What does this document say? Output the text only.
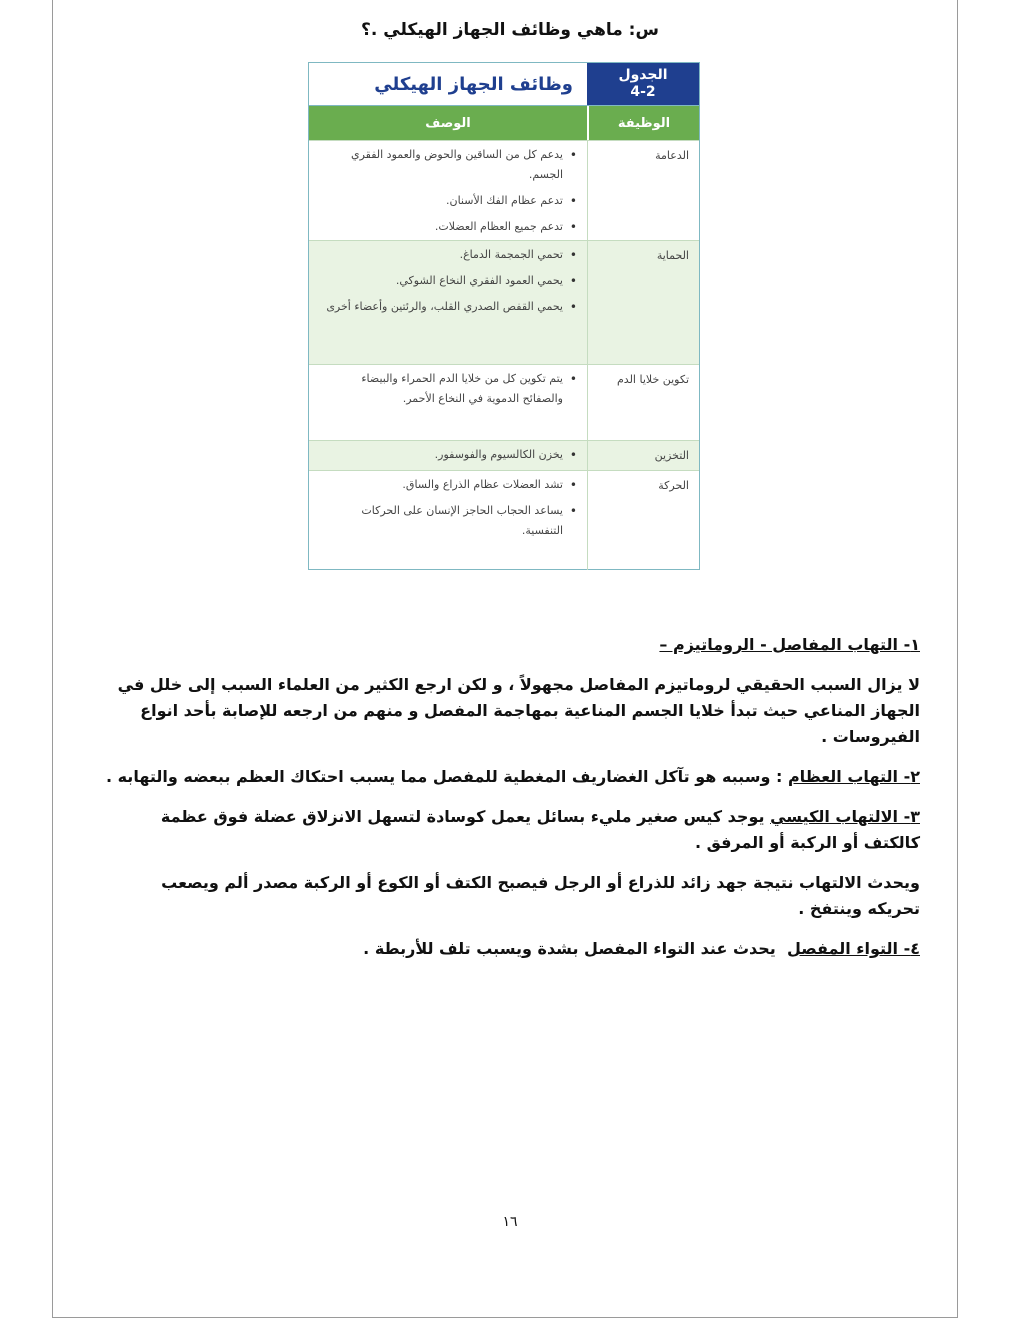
س: ماهي وظائف الجهاز الهيكلي .؟
الجدول
4-2
وظائف الجهاز الهيكلي
الوظيفة
الوصف
الدعامة
• يدعم كل من الساقين والحوض والعمود الفقري الجسم.
• تدعم عظام الفك الأسنان.
• تدعم جميع العظام العضلات.
الحماية
• تحمي الجمجمة الدماغ.
• يحمي العمود الفقري النخاع الشوكي.
• يحمي القفص الصدري القلب، والرئتين وأعضاء أخرى
تكوين خلايا الدم
• يتم تكوين كل من خلايا الدم الحمراء والبيضاء والصفائح الدموية في النخاع الأحمر.
التخزين
• يخزن الكالسيوم والفوسفور.
الحركة
• تشد العضلات عظام الذراع والساق.
• يساعد الحجاب الحاجز الإنسان على الحركات التنفسية.

١- التهاب المفاصل - الروماتيزم –

لا يزال السبب الحقيقي لروماتيزم المفاصل مجهولاً ، و لكن ارجع الكثير من العلماء السبب إلى خلل في الجهاز المناعي حيث تبدأ خلايا الجسم المناعية بمهاجمة المفصل و منهم من ارجعه للإصابة بأحد انواع الفيروسات .

٢- التهاب العظام : وسببه هو تآكل الغضاريف المغطية للمفصل مما يسبب احتكاك العظم ببعضه والتهابه .

٣- الالتهاب الكيسي يوجد كيس صغير مليء بسائل يعمل كوسادة لتسهل الانزلاق عضلة فوق عظمة كالكتف أو الركبة أو المرفق .

ويحدث الالتهاب نتيجة جهد زائد للذراع أو الرجل فيصبح الكتف أو الكوع أو الركبة مصدر ألم ويصعب تحريكه وينتفخ .

٤- التواء المفصل  يحدث عند التواء المفصل بشدة ويسبب تلف للأربطة .

١٦
